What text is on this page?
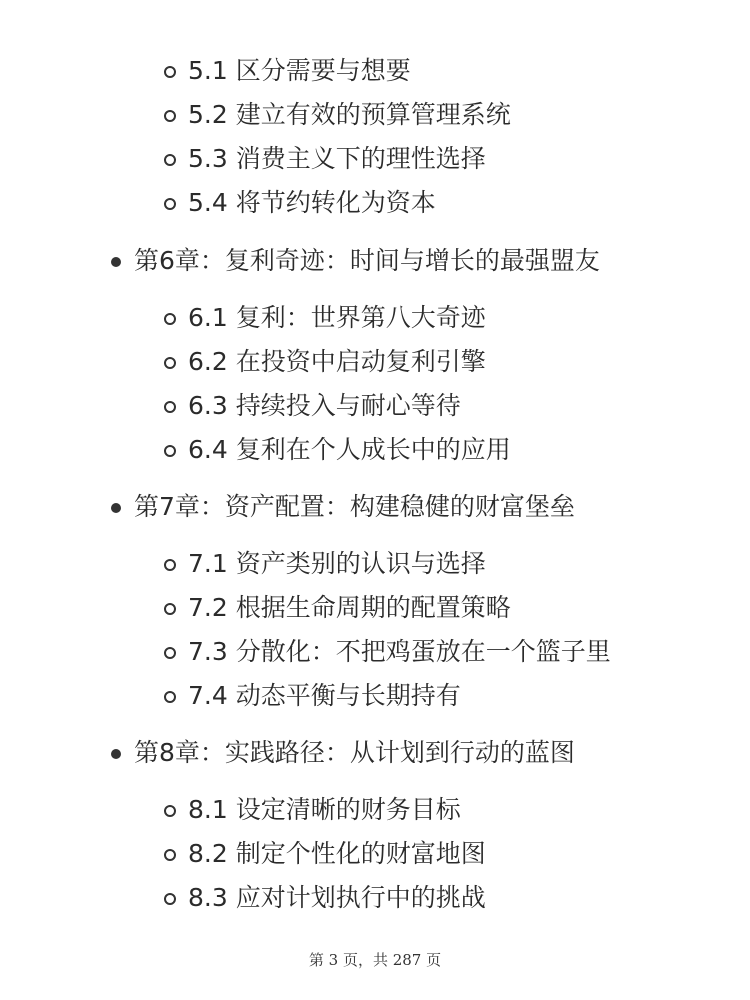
5.1 区分需要与想要
5.2 建立有效的预算管理系统
5.3 消费主义下的理性选择
5.4 将节约转化为资本
第6章：复利奇迹：时间与增长的最强盟友
6.1 复利：世界第八大奇迹
6.2 在投资中启动复利引擎
6.3 持续投入与耐心等待
6.4 复利在个人成长中的应用
第7章：资产配置：构建稳健的财富堡垒
7.1 资产类别的认识与选择
7.2 根据生命周期的配置策略
7.3 分散化：不把鸡蛋放在一个篮子里
7.4 动态平衡与长期持有
第8章：实践路径：从计划到行动的蓝图
8.1 设定清晰的财务目标
8.2 制定个性化的财富地图
8.3 应对计划执行中的挑战
第 3 页，共 287 页
